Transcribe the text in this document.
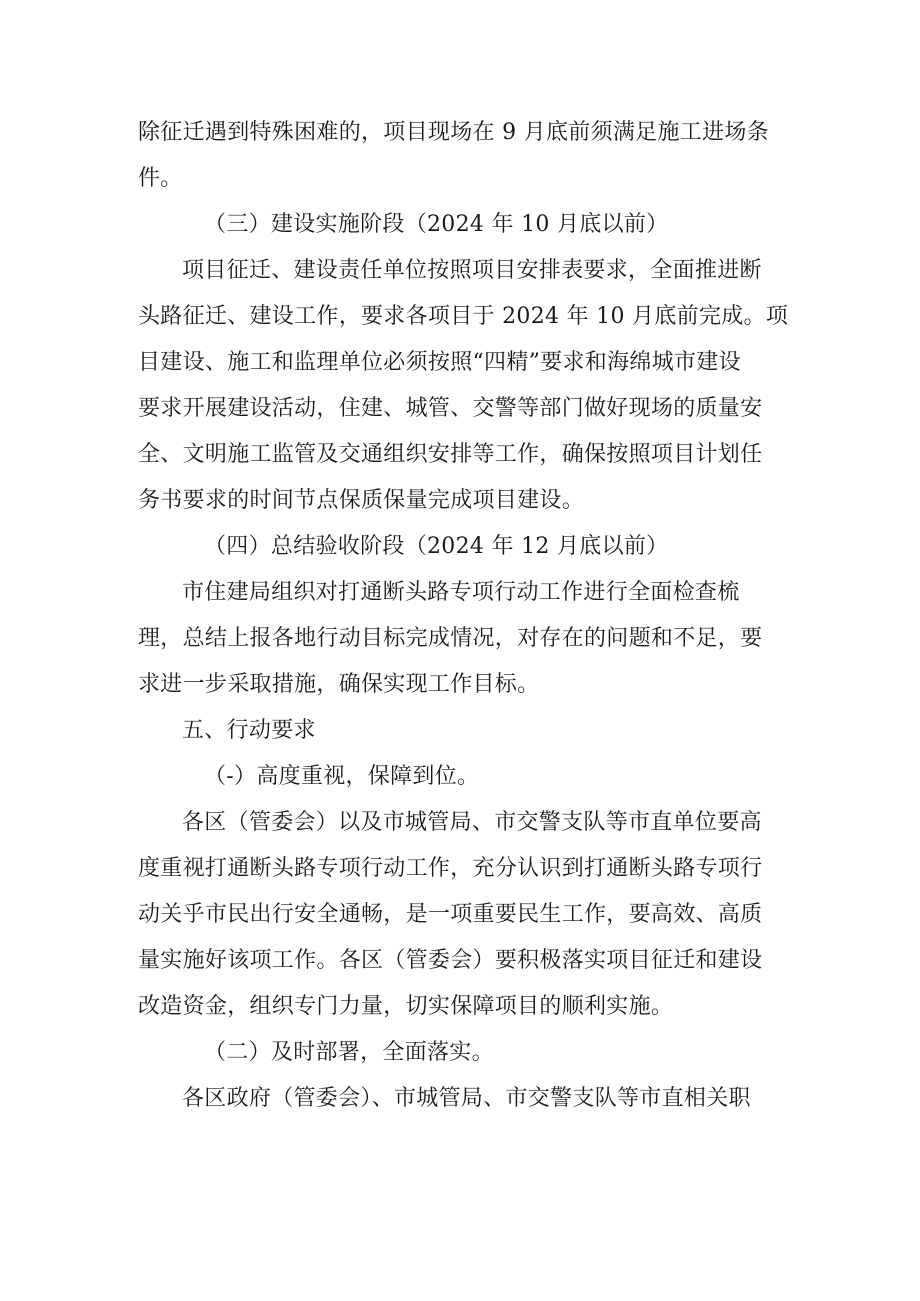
除征迁遇到特殊困难的，项目现场在 9 月底前须满足施工进场条
件。
（三）建设实施阶段（2024 年 10 月底以前）
项目征迁、建设责任单位按照项目安排表要求，全面推进断
头路征迁、建设工作，要求各项目于 2024 年 10 月底前完成。项
目建设、施工和监理单位必须按照“四精”要求和海绵城市建设
要求开展建设活动，住建、城管、交警等部门做好现场的质量安
全、文明施工监管及交通组织安排等工作，确保按照项目计划任
务书要求的时间节点保质保量完成项目建设。
（四）总结验收阶段（2024 年 12 月底以前）
市住建局组织对打通断头路专项行动工作进行全面检查梳
理，总结上报各地行动目标完成情况，对存在的问题和不足，要
求进一步采取措施，确保实现工作目标。
五、行动要求
（-）高度重视，保障到位。
各区（管委会）以及市城管局、市交警支队等市直单位要高
度重视打通断头路专项行动工作，充分认识到打通断头路专项行
动关乎市民出行安全通畅，是一项重要民生工作，要高效、高质
量实施好该项工作。各区（管委会）要积极落实项目征迁和建设
改造资金，组织专门力量，切实保障项目的顺利实施。
（二）及时部署，全面落实。
各区政府（管委会）、市城管局、市交警支队等市直相关职
